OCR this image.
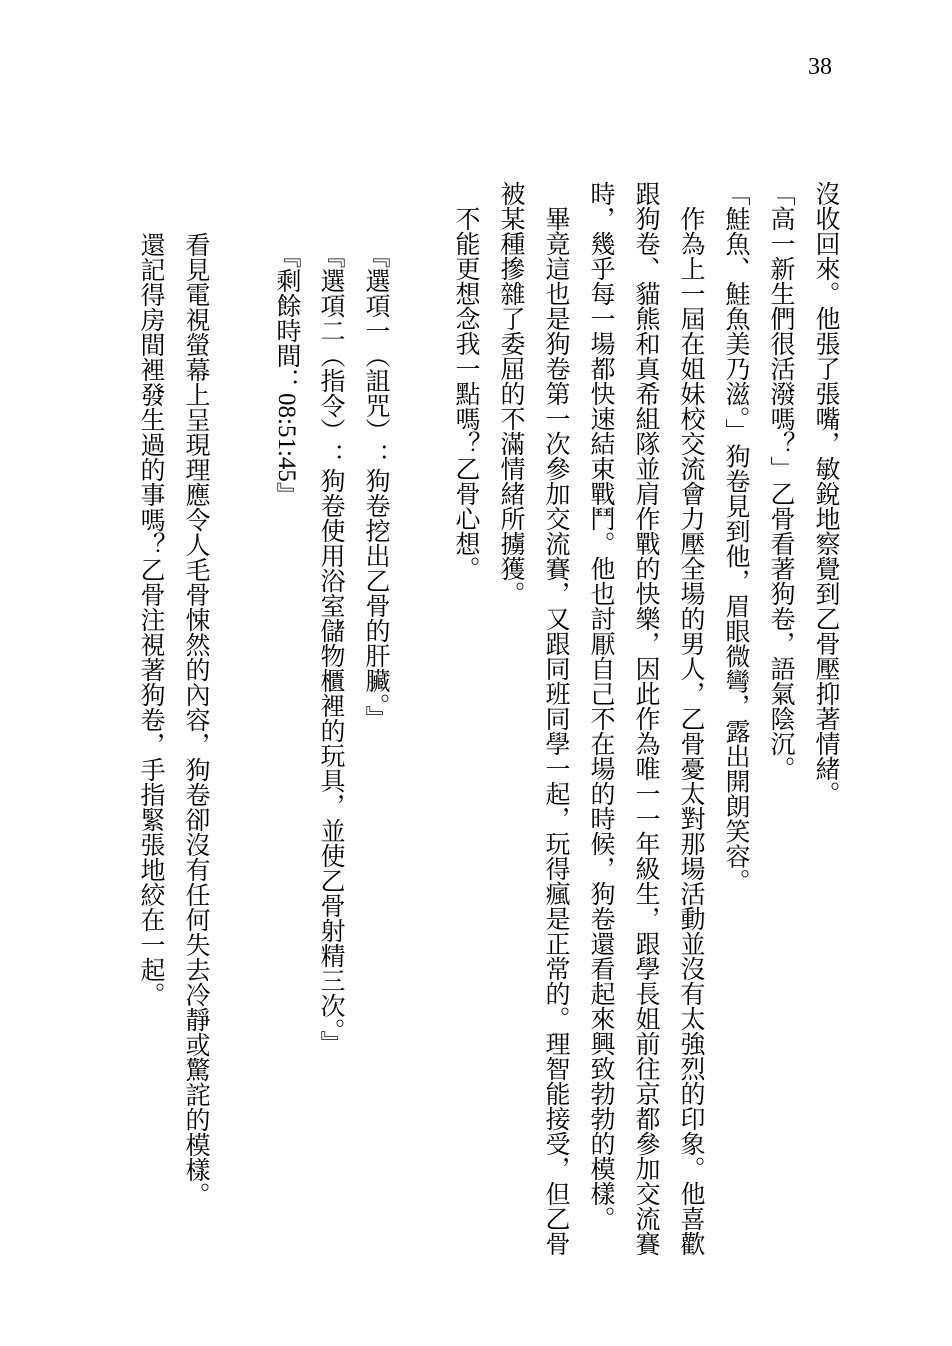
38
沒收回來。他張了張嘴，敏銳地察覺到乙骨壓抑著情緒。
「高一新生們很活潑嗎？」乙骨看著狗卷，語氣陰沉。
「鮭魚、鮭魚美乃滋。」狗卷見到他，眉眼微彎，露出開朗笑容。
作為上一屆在姐妹校交流會力壓全場的男人，乙骨憂太對那場活動並沒有太強烈的印象。他喜歡
跟狗卷、貓熊和真希組隊並肩作戰的快樂，因此作為唯一一年級生，跟學長姐前往京都參加交流賽
時，幾乎每一場都快速結束戰鬥。他也討厭自己不在場的時候，狗卷還看起來興致勃勃的模樣。
畢竟這也是狗卷第一次參加交流賽，又跟同班同學一起，玩得瘋是正常的。理智能接受，但乙骨
被某種摻雜了委屈的不滿情緒所擄獲。
不能更想念我一點嗎？乙骨心想。
『選項一（詛咒）：狗卷挖出乙骨的肝臟。』
『選項二（指令）：狗卷使用浴室儲物櫃裡的玩具，並使乙骨射精三次。』
『剩餘時間：08:51:45』
看見電視螢幕上呈現理應令人毛骨悚然的內容，狗卷卻沒有任何失去冷靜或驚詫的模樣。
還記得房間裡發生過的事嗎？乙骨注視著狗卷，手指緊張地絞在一起。
